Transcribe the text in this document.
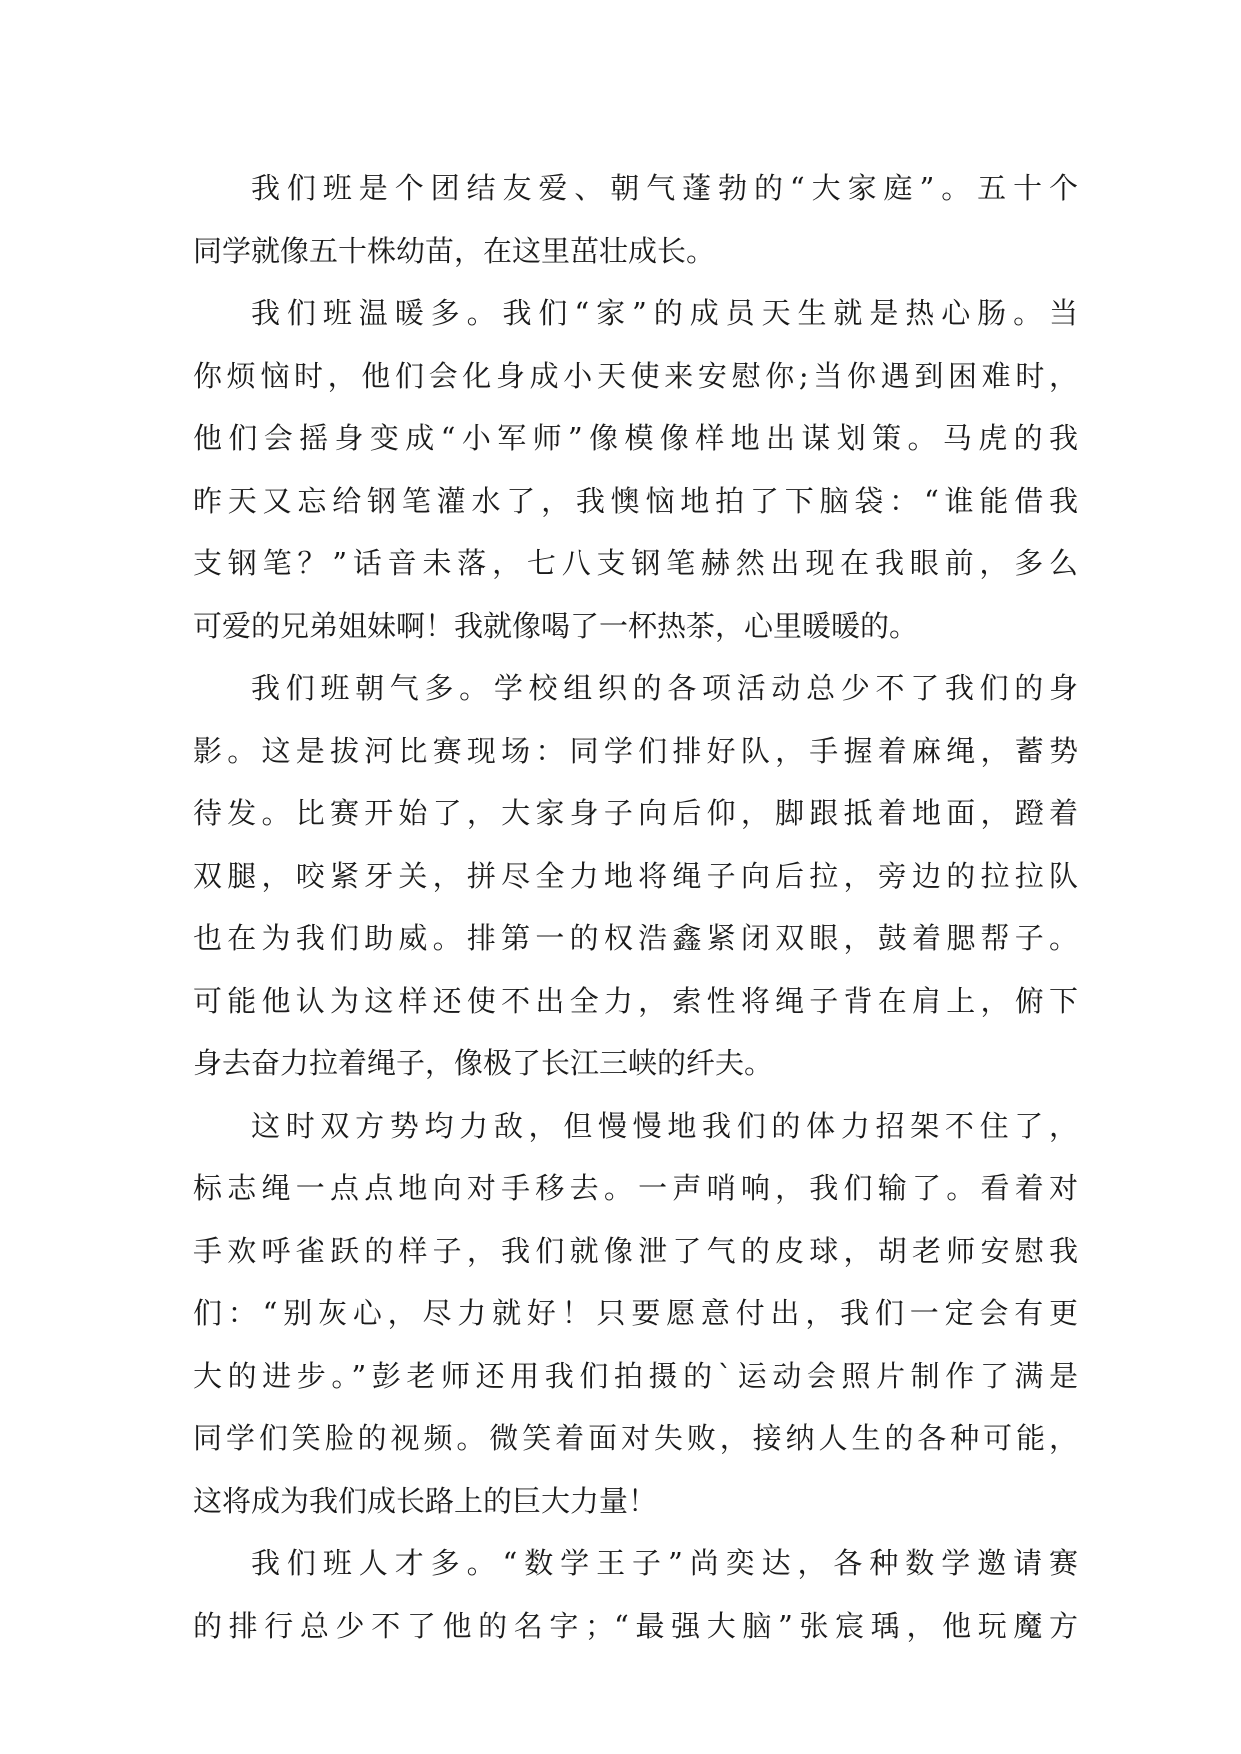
我们班是个团结友爱、朝气蓬勃的“大家庭”。五十个
同学就像五十株幼苗，在这里茁壮成长。
我们班温暖多。我们“家”的成员天生就是热心肠。当
你烦恼时，他们会化身成小天使来安慰你;当你遇到困难时，
他们会摇身变成“小军师”像模像样地出谋划策。马虎的我
昨天又忘给钢笔灌水了，我懊恼地拍了下脑袋：“谁能借我
支钢笔？”话音未落，七八支钢笔赫然出现在我眼前，多么
可爱的兄弟姐妹啊！我就像喝了一杯热茶，心里暖暖的。
我们班朝气多。学校组织的各项活动总少不了我们的身
影。这是拔河比赛现场：同学们排好队，手握着麻绳，蓄势
待发。比赛开始了，大家身子向后仰，脚跟抵着地面，蹬着
双腿，咬紧牙关，拼尽全力地将绳子向后拉，旁边的拉拉队
也在为我们助威。排第一的权浩鑫紧闭双眼，鼓着腮帮子。
可能他认为这样还使不出全力，索性将绳子背在肩上，俯下
身去奋力拉着绳子，像极了长江三峡的纤夫。
这时双方势均力敌，但慢慢地我们的体力招架不住了，
标志绳一点点地向对手移去。一声哨响，我们输了。看着对
手欢呼雀跃的样子，我们就像泄了气的皮球，胡老师安慰我
们：“别灰心，尽力就好！只要愿意付出，我们一定会有更
大的进步。”彭老师还用我们拍摄的`运动会照片制作了满是
同学们笑脸的视频。微笑着面对失败，接纳人生的各种可能，
这将成为我们成长路上的巨大力量！
我们班人才多。“数学王子”尚奕达，各种数学邀请赛
的排行总少不了他的名字；“最强大脑”张宸瑀，他玩魔方
